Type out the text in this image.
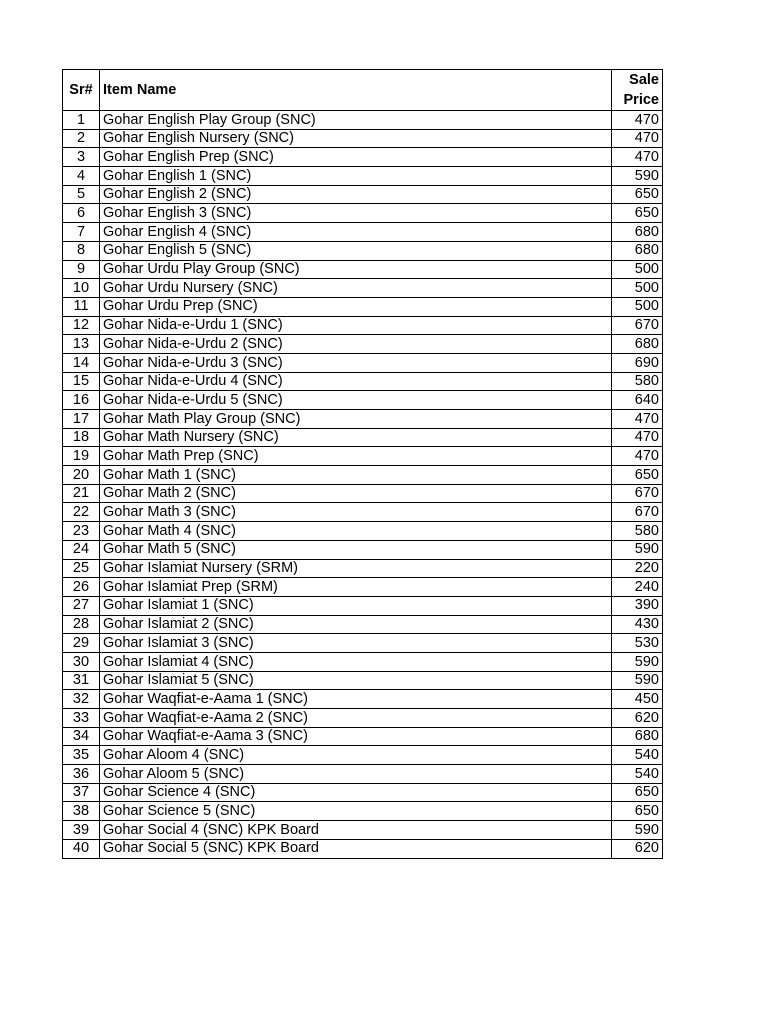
Sr#	Item Name	Sale
Price
1	Gohar English Play Group (SNC)	470
2	Gohar English Nursery (SNC)	470
3	Gohar English Prep (SNC)	470
4	Gohar English 1 (SNC)	590
5	Gohar English 2 (SNC)	650
6	Gohar English 3 (SNC)	650
7	Gohar English 4 (SNC)	680
8	Gohar English 5 (SNC)	680
9	Gohar Urdu Play Group (SNC)	500
10	Gohar Urdu Nursery (SNC)	500
11	Gohar Urdu Prep (SNC)	500
12	Gohar Nida-e-Urdu 1 (SNC)	670
13	Gohar Nida-e-Urdu 2 (SNC)	680
14	Gohar Nida-e-Urdu 3 (SNC)	690
15	Gohar Nida-e-Urdu 4 (SNC)	580
16	Gohar Nida-e-Urdu 5 (SNC)	640
17	Gohar Math Play Group (SNC)	470
18	Gohar Math Nursery (SNC)	470
19	Gohar Math Prep (SNC)	470
20	Gohar Math 1 (SNC)	650
21	Gohar Math 2 (SNC)	670
22	Gohar Math 3 (SNC)	670
23	Gohar Math 4 (SNC)	580
24	Gohar Math 5 (SNC)	590
25	Gohar Islamiat Nursery (SRM)	220
26	Gohar Islamiat Prep (SRM)	240
27	Gohar Islamiat 1 (SNC)	390
28	Gohar Islamiat 2 (SNC)	430
29	Gohar Islamiat 3 (SNC)	530
30	Gohar Islamiat 4 (SNC)	590
31	Gohar Islamiat 5 (SNC)	590
32	Gohar Waqfiat-e-Aama 1 (SNC)	450
33	Gohar Waqfiat-e-Aama 2 (SNC)	620
34	Gohar Waqfiat-e-Aama 3 (SNC)	680
35	Gohar Aloom 4 (SNC)	540
36	Gohar Aloom 5 (SNC)	540
37	Gohar Science 4 (SNC)	650
38	Gohar Science 5 (SNC)	650
39	Gohar Social 4 (SNC) KPK Board	590
40	Gohar Social 5 (SNC) KPK Board	620
